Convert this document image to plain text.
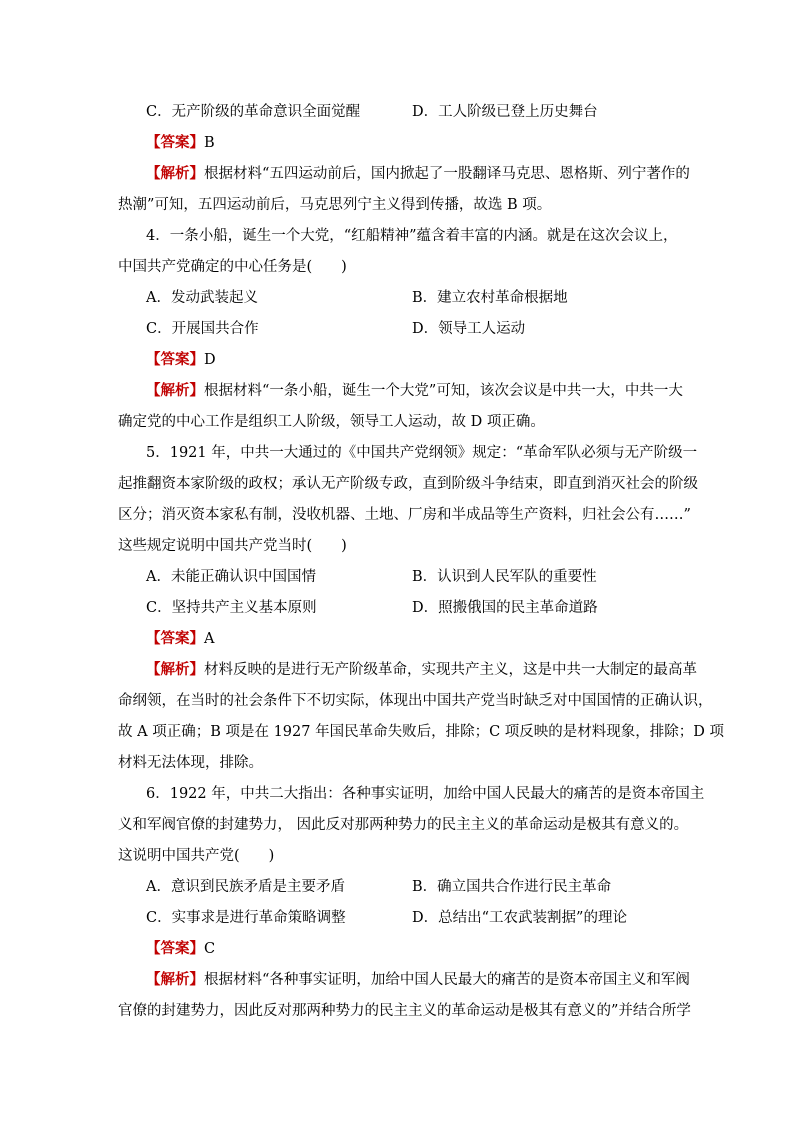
C．无产阶级的革命意识全面觉醒	D．工人阶级已登上历史舞台
【答案】B
【解析】根据材料“五四运动前后，国内掀起了一股翻译马克思、恩格斯、列宁著作的
热潮”可知，五四运动前后，马克思列宁主义得到传播，故选 B 项。
4．一条小船，诞生一个大党，“红船精神”蕴含着丰富的内涵。就是在这次会议上，
中国共产党确定的中心任务是(　　)
A．发动武装起义	B．建立农村革命根据地
C．开展国共合作	D．领导工人运动
【答案】D
【解析】根据材料“一条小船，诞生一个大党”可知，该次会议是中共一大，中共一大
确定党的中心工作是组织工人阶级，领导工人运动，故 D 项正确。
5．1921 年，中共一大通过的《中国共产党纲领》规定：“革命军队必须与无产阶级一
起推翻资本家阶级的政权；承认无产阶级专政，直到阶级斗争结束，即直到消灭社会的阶级
区分；消灭资本家私有制，没收机器、土地、厂房和半成品等生产资料，归社会公有……”
这些规定说明中国共产党当时(　　)
A．未能正确认识中国国情	B．认识到人民军队的重要性
C．坚持共产主义基本原则	D．照搬俄国的民主革命道路
【答案】A
【解析】材料反映的是进行无产阶级革命，实现共产主义，这是中共一大制定的最高革
命纲领，在当时的社会条件下不切实际，体现出中国共产党当时缺乏对中国国情的正确认识，
故 A 项正确；B 项是在 1927 年国民革命失败后，排除；C 项反映的是材料现象，排除；D 项
材料无法体现，排除。
6．1922 年，中共二大指出：各种事实证明，加给中国人民最大的痛苦的是资本帝国主
义和军阀官僚的封建势力， 因此反对那两种势力的民主主义的革命运动是极其有意义的。
这说明中国共产党(　　)
A．意识到民族矛盾是主要矛盾	B．确立国共合作进行民主革命
C．实事求是进行革命策略调整	D．总结出“工农武装割据”的理论
【答案】C
【解析】根据材料“各种事实证明，加给中国人民最大的痛苦的是资本帝国主义和军阀
官僚的封建势力，因此反对那两种势力的民主主义的革命运动是极其有意义的”并结合所学
